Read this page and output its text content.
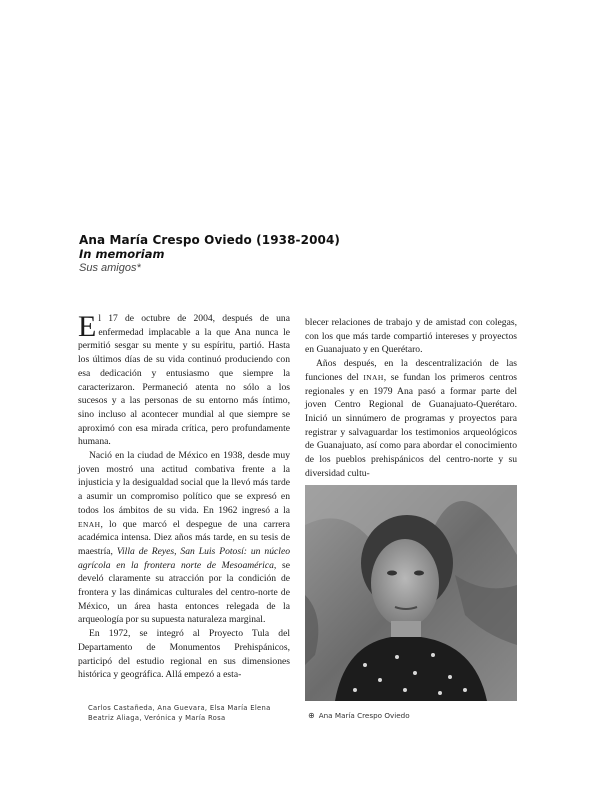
Ana María Crespo Oviedo (1938-2004)
In memoriam
Sus amigos*

El 17 de octubre de 2004, después de una enfermedad implacable a la que Ana nunca le permitió sesgar su mente y su espíritu, partió. Hasta los últimos días de su vida continuó produciendo con esa dedicación y entusiasmo que siempre la caracterizaron. Permaneció atenta no sólo a los sucesos y a las personas de su entorno más íntimo, sino incluso al acontecer mundial al que siempre se aproximó con esa mirada crítica, pero profundamente humana.

Nació en la ciudad de México en 1938, desde muy joven mostró una actitud combativa frente a la injusticia y la desigualdad social que la llevó más tarde a asumir un compromiso político que se expresó en todos los ámbitos de su vida. En 1962 ingresó a la ENAH, lo que marcó el despegue de una carrera académica intensa. Diez años más tarde, en su tesis de maestría, Villa de Reyes, San Luis Potosí: un núcleo agrícola en la frontera norte de Mesoamérica, se develó claramente su atracción por la condición de frontera y las dinámicas culturales del centro-norte de México, un área hasta entonces relegada de la arqueología por su supuesta naturaleza marginal.

En 1972, se integró al Proyecto Tula del Departamento de Monumentos Prehispánicos, participó del estudio regional en sus dimensiones histórica y geográfica. Allá empezó a esta-

blecer relaciones de trabajo y de amistad con colegas, con los que más tarde compartió intereses y proyectos en Guanajuato y en Querétaro.

Años después, en la descentralización de las funciones del INAH, se fundan los primeros centros regionales y en 1979 Ana pasó a formar parte del joven Centro Regional de Guanajuato-Querétaro. Inició un sinnúmero de programas y proyectos para registrar y salvaguardar los testimonios arqueológicos de Guanajuato, así como para abordar el conocimiento de los pueblos prehispánicos del centro-norte y su diversidad cultu-

Carlos Castañeda, Ana Guevara, Elsa María Elena
Beatriz Aliaga, Verónica y María Rosa	⊕ Ana María Crespo Oviedo
